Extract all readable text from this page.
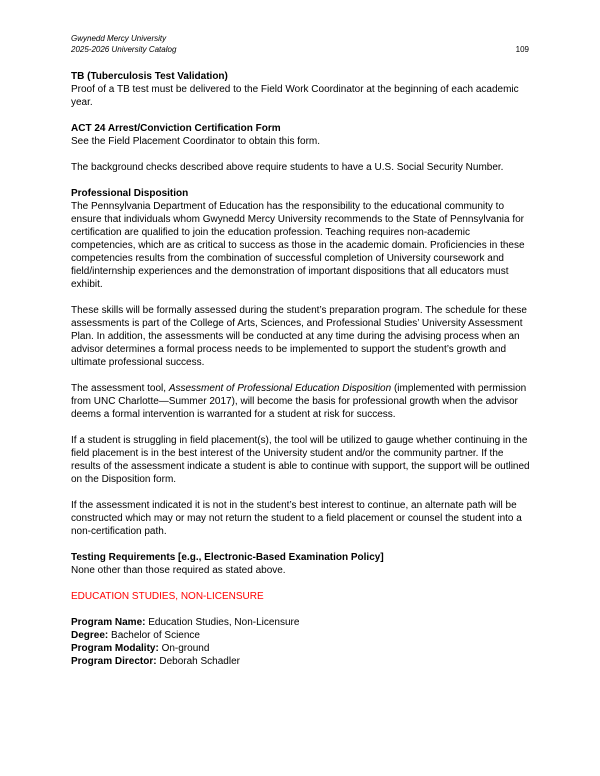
Gwynedd Mercy University
2025-2026 University Catalog	109
TB (Tuberculosis Test Validation)

Proof of a TB test must be delivered to the Field Work Coordinator at the beginning of each academic year.

ACT 24 Arrest/Conviction Certification Form

See the Field Placement Coordinator to obtain this form.

The background checks described above require students to have a U.S. Social Security Number.

Professional Disposition

The Pennsylvania Department of Education has the responsibility to the educational community to ensure that individuals whom Gwynedd Mercy University recommends to the State of Pennsylvania for certification are qualified to join the education profession. Teaching requires non-academic competencies, which are as critical to success as those in the academic domain. Proficiencies in these competencies results from the combination of successful completion of University coursework and field/internship experiences and the demonstration of important dispositions that all educators must exhibit.

These skills will be formally assessed during the student’s preparation program. The schedule for these assessments is part of the College of Arts, Sciences, and Professional Studies’ University Assessment Plan. In addition, the assessments will be conducted at any time during the advising process when an advisor determines a formal process needs to be implemented to support the student’s growth and ultimate professional success.

The assessment tool, Assessment of Professional Education Disposition (implemented with permission from UNC Charlotte—Summer 2017), will become the basis for professional growth when the advisor deems a formal intervention is warranted for a student at risk for success.

If a student is struggling in field placement(s), the tool will be utilized to gauge whether continuing in the field placement is in the best interest of the University student and/or the community partner. If the results of the assessment indicate a student is able to continue with support, the support will be outlined on the Disposition form.

If the assessment indicated it is not in the student’s best interest to continue, an alternate path will be constructed which may or may not return the student to a field placement or counsel the student into a non-certification path.

Testing Requirements [e.g., Electronic-Based Examination Policy]

None other than those required as stated above.

EDUCATION STUDIES, NON-LICENSURE

Program Name: Education Studies, Non-Licensure
Degree: Bachelor of Science
Program Modality: On-ground
Program Director: Deborah Schadler
